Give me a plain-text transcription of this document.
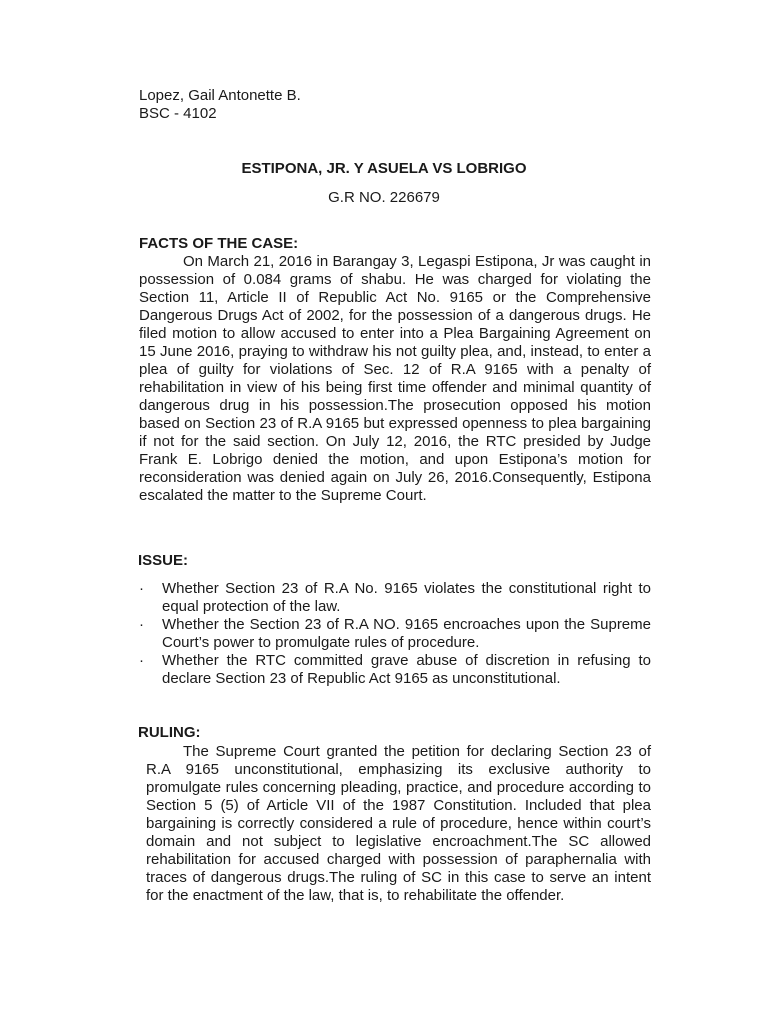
Lopez, Gail Antonette B.
BSC - 4102
ESTIPONA, JR. Y ASUELA VS LOBRIGO
G.R NO. 226679
FACTS OF THE CASE:
On March 21, 2016 in Barangay 3, Legaspi Estipona, Jr was caught in possession of 0.084 grams of shabu. He was charged for violating the Section 11, Article II of Republic Act No. 9165 or the Comprehensive Dangerous Drugs Act of 2002, for the possession of a dangerous drugs. He filed motion to allow accused to enter into a Plea Bargaining Agreement on 15 June 2016, praying to withdraw his not guilty plea, and, instead, to enter a plea of guilty for violations of Sec. 12 of R.A 9165 with a penalty of rehabilitation in view of his being first time offender and minimal quantity of dangerous drug in his possession.The prosecution opposed his motion based on Section 23 of R.A 9165 but expressed openness to plea bargaining if not for the said section. On July 12, 2016, the RTC presided by Judge Frank E. Lobrigo denied the motion, and upon Estipona’s motion for reconsideration was denied again on July 26, 2016.Consequently, Estipona escalated the matter to the Supreme Court.
ISSUE:
· Whether Section 23 of R.A No. 9165 violates the constitutional right to equal protection of the law.
· Whether the Section 23 of R.A NO. 9165 encroaches upon the Supreme Court’s power to promulgate rules of procedure.
· Whether the RTC committed grave abuse of discretion in refusing to declare Section 23 of Republic Act 9165 as unconstitutional.
RULING:
The Supreme Court granted the petition for declaring Section 23 of R.A 9165 unconstitutional, emphasizing its exclusive authority to promulgate rules concerning pleading, practice, and procedure according to Section 5 (5) of Article VII of the 1987 Constitution. Included that plea bargaining is correctly considered a rule of procedure, hence within court’s domain and not subject to legislative encroachment.The SC allowed rehabilitation for accused charged with possession of paraphernalia with traces of dangerous drugs.The ruling of SC in this case to serve an intent for the enactment of the law, that is, to rehabilitate the offender.
